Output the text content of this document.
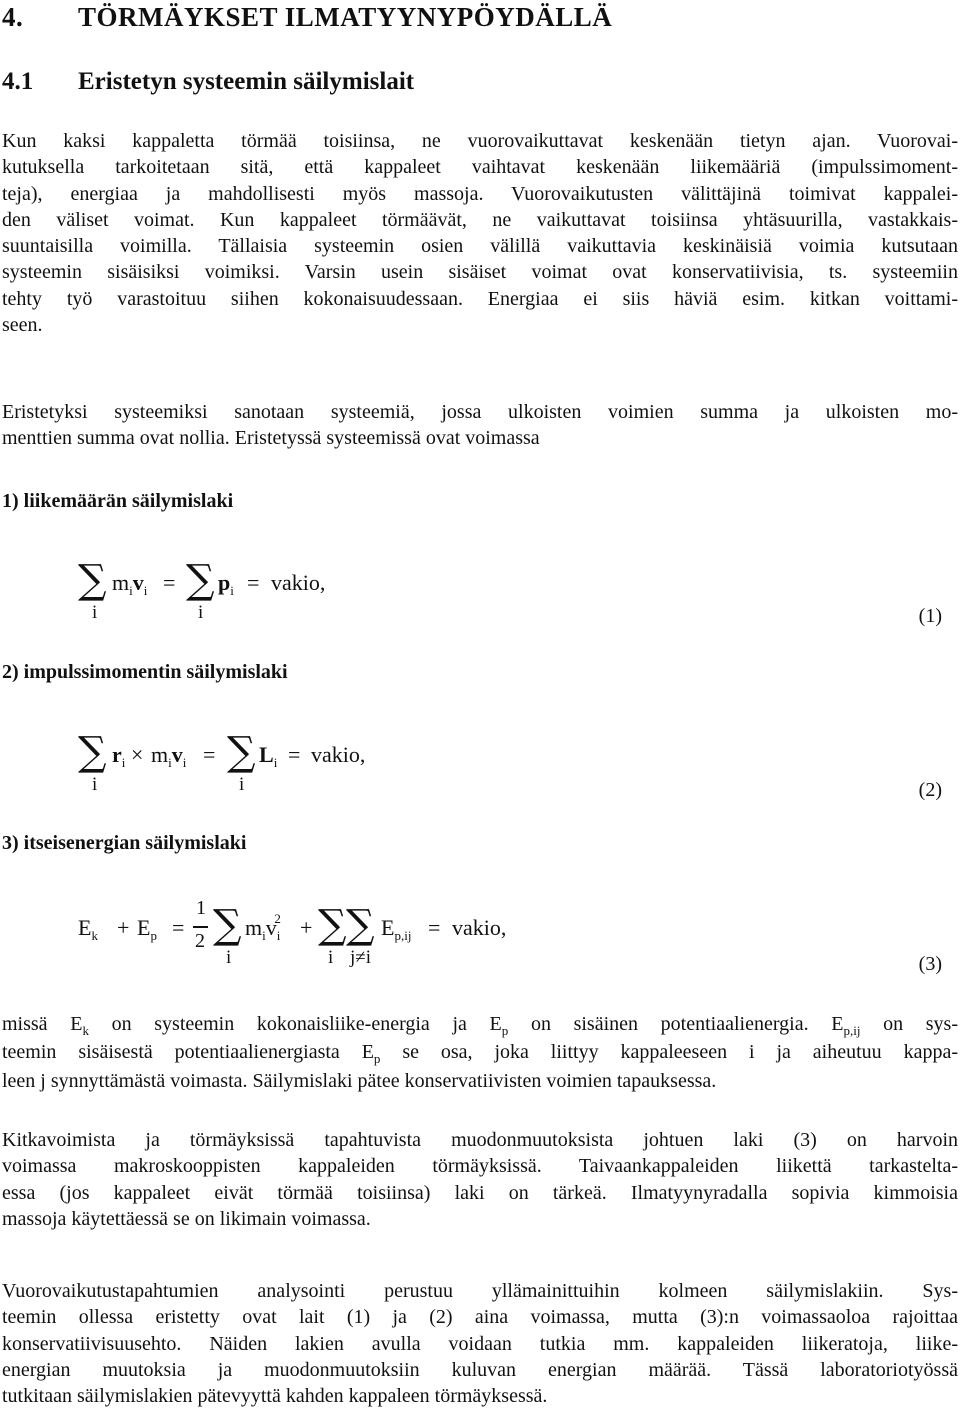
4. TÖRMÄYKSET ILMATYYNYPÖYDÄLLÄ
4.1 Eristetyn systeemin säilymislait
Kun kaksi kappaletta törmää toisiinsa, ne vuorovaikuttavat keskenään tietyn ajan. Vuorovai-
kutuksella tarkoitetaan sitä, että kappaleet vaihtavat keskenään liikemääriä (impulssimoment-
teja), energiaa ja mahdollisesti myös massoja. Vuorovaikutusten välittäjinä toimivat kappalei-
den väliset voimat. Kun kappaleet törmäävät, ne vaikuttavat toisiinsa yhtäsuurilla, vastakkais-
suuntaisilla voimilla. Tällaisia systeemin osien välillä vaikuttavia keskinäisiä voimia kutsutaan
systeemin sisäisiksi voimiksi. Varsin usein sisäiset voimat ovat konservatiivisia, ts. systeemiin
tehty työ varastoituu siihen kokonaisuudessaan. Energiaa ei siis häviä esim. kitkan voittami-
seen.
Eristetyksi systeemiksi sanotaan systeemiä, jossa ulkoisten voimien summa ja ulkoisten mo-
menttien summa ovat nollia. Eristetyssä systeemissä ovat voimassa
1) liikemäärän säilymislaki
∑
i
$m_iv_i$ = ∑
i
$p_i$ = vakio,
(1)
2) impulssimomentin säilymislaki
∑
i
$r_i \times m_iv_i$ = ∑
i
$L_i$ = vakio,
(2)
3) itseisenergian säilymislaki
$E_k + E_p$ =
1
2 ∑
i
$m_iv_i^2$ + ∑
i
∑
j≠i
$E_{p,ij}$ = vakio,
(3)
missä $E_k$ on systeemin kokonaisliike-energia ja $E_p$ on sisäinen potentiaalienergia. $E_{p,ij}$ on sys-
teemin sisäisestä potentiaalienergiasta $E_p$ se osa, joka liittyy kappaleeseen i ja aiheutuu kappa-
leen j synnyttämästä voimasta. Säilymislaki pätee konservatiivisten voimien tapauksessa.
Kitkavoimista ja törmäyksissä tapahtuvista muodonmuutoksista johtuen laki (3) on harvoin
voimassa makroskooppisten kappaleiden törmäyksissä. Taivaankappaleiden liikettä tarkastelta-
essa (jos kappaleet eivät törmää toisiinsa) laki on tärkeä. Ilmatyynyradalla sopivia kimmoisia
massoja käytettäessä se on likimain voimassa.
Vuorovaikutustapahtumien analysointi perustuu yllämainittuihin kolmeen säilymislakiin. Sys-
teemin ollessa eristetty ovat lait (1) ja (2) aina voimassa, mutta (3):n voimassaoloa rajoittaa
konservatiivisuusehto. Näiden lakien avulla voidaan tutkia mm. kappaleiden liikeratoja, liike-
energian muutoksia ja muodonmuutoksiin kuluvan energian määrää. Tässä laboratoriotyössä
tutkitaan säilymislakien pätevyyttä kahden kappaleen törmäyksessä.
